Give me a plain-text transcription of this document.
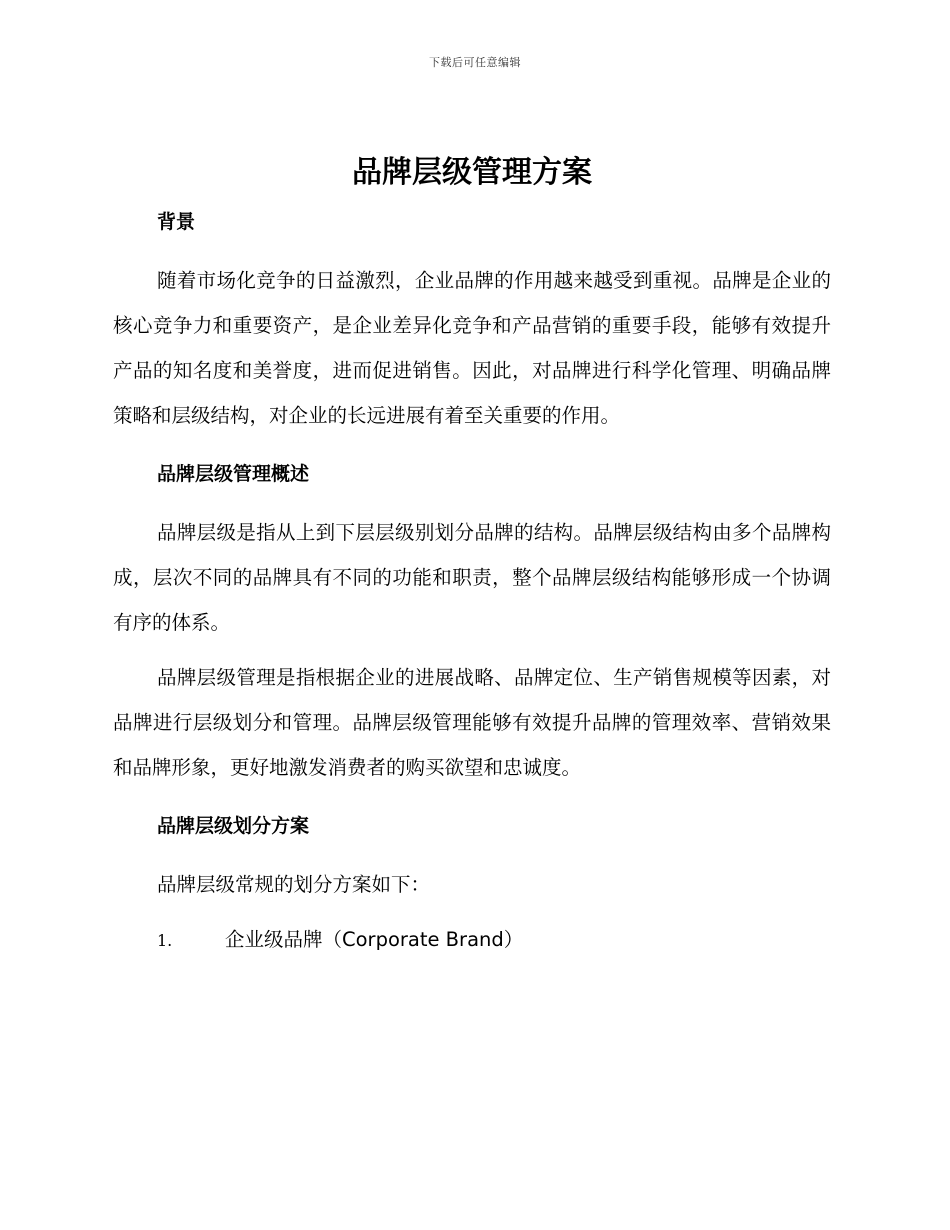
下载后可任意编辑
品牌层级管理方案
背景

随着市场化竞争的日益激烈，企业品牌的作用越来越受到重视。品牌是企业的核心竞争力和重要资产，是企业差异化竞争和产品营销的重要手段，能够有效提升产品的知名度和美誉度，进而促进销售。因此，对品牌进行科学化管理、明确品牌策略和层级结构，对企业的长远进展有着至关重要的作用。

品牌层级管理概述

品牌层级是指从上到下层层级别划分品牌的结构。品牌层级结构由多个品牌构成，层次不同的品牌具有不同的功能和职责，整个品牌层级结构能够形成一个协调有序的体系。

品牌层级管理是指根据企业的进展战略、品牌定位、生产销售规模等因素，对品牌进行层级划分和管理。品牌层级管理能够有效提升品牌的管理效率、营销效果和品牌形象，更好地激发消费者的购买欲望和忠诚度。

品牌层级划分方案

品牌层级常规的划分方案如下：

1.	企业级品牌（Corporate Brand）
